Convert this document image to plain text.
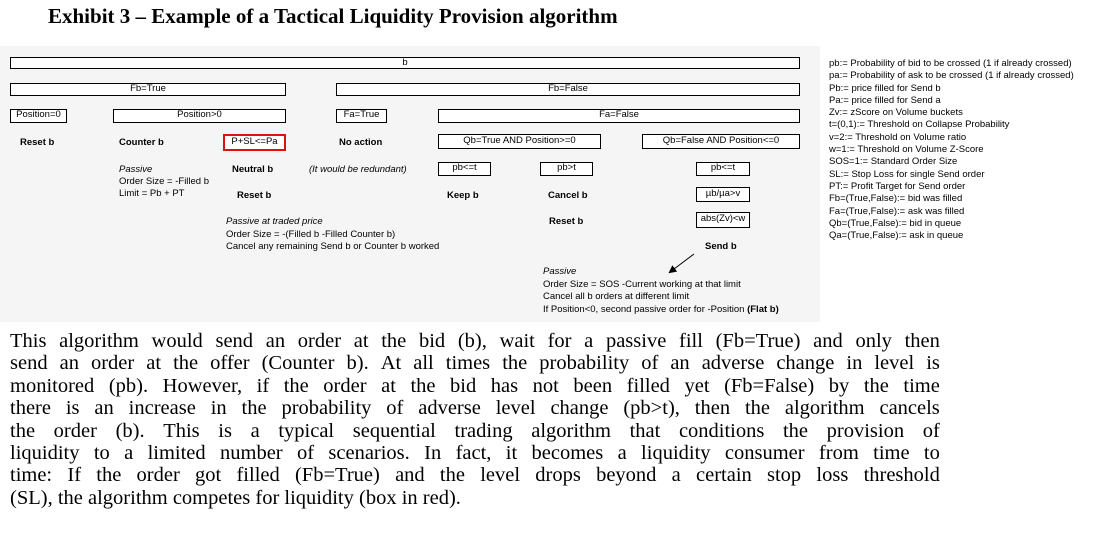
Exhibit 3 – Example of a Tactical Liquidity Provision algorithm
b
Fb=True	Fb=False
Position=0	Position>0	Fa=True	Fa=False
Reset b	Counter b	P+SL<=Pa	No action	Qb=True AND Position>=0	Qb=False AND Position<=0
Passive
Order Size = -Filled b
Limit = Pb + PT
Neutral b	(It would be redundant)	pb<=t	pb>t	pb<=t
Reset b	Keep b	Cancel b	µb/µa>v
Passive at traded price
Order Size = -(Filled b -Filled Counter b)
Cancel any remaining Send b or Counter b worked
Reset b	abs(Zv)<w
Send b
Passive
Order Size = SOS -Current working at that limit
Cancel all b orders at different limit
If Position<0, second passive order for -Position (Flat b)
pb:= Probability of bid to be crossed (1 if already crossed)
pa:= Probability of ask to be crossed (1 if already crossed)
Pb:= price filled for Send b
Pa:= price filled for Send a
Zv:= zScore on Volume buckets
t=(0,1):= Threshold on Collapse Probability
v=2:= Threshold on Volume ratio
w=1:= Threshold on Volume Z-Score
SOS=1:= Standard Order Size
SL:= Stop Loss for single Send order
PT:= Profit Target for Send order
Fb=(True,False):= bid was filled
Fa=(True,False):= ask was filled
Qb=(True,False):= bid in queue
Qa=(True,False):= ask in queue
This algorithm would send an order at the bid (b), wait for a passive fill (Fb=True) and only then
send an order at the offer (Counter b). At all times the probability of an adverse change in level is
monitored (pb). However, if the order at the bid has not been filled yet (Fb=False) by the time
there is an increase in the probability of adverse level change (pb>t), then the algorithm cancels
the order (b). This is a typical sequential trading algorithm that conditions the provision of
liquidity to a limited number of scenarios. In fact, it becomes a liquidity consumer from time to
time: If the order got filled (Fb=True) and the level drops beyond a certain stop loss threshold
(SL), the algorithm competes for liquidity (box in red).
